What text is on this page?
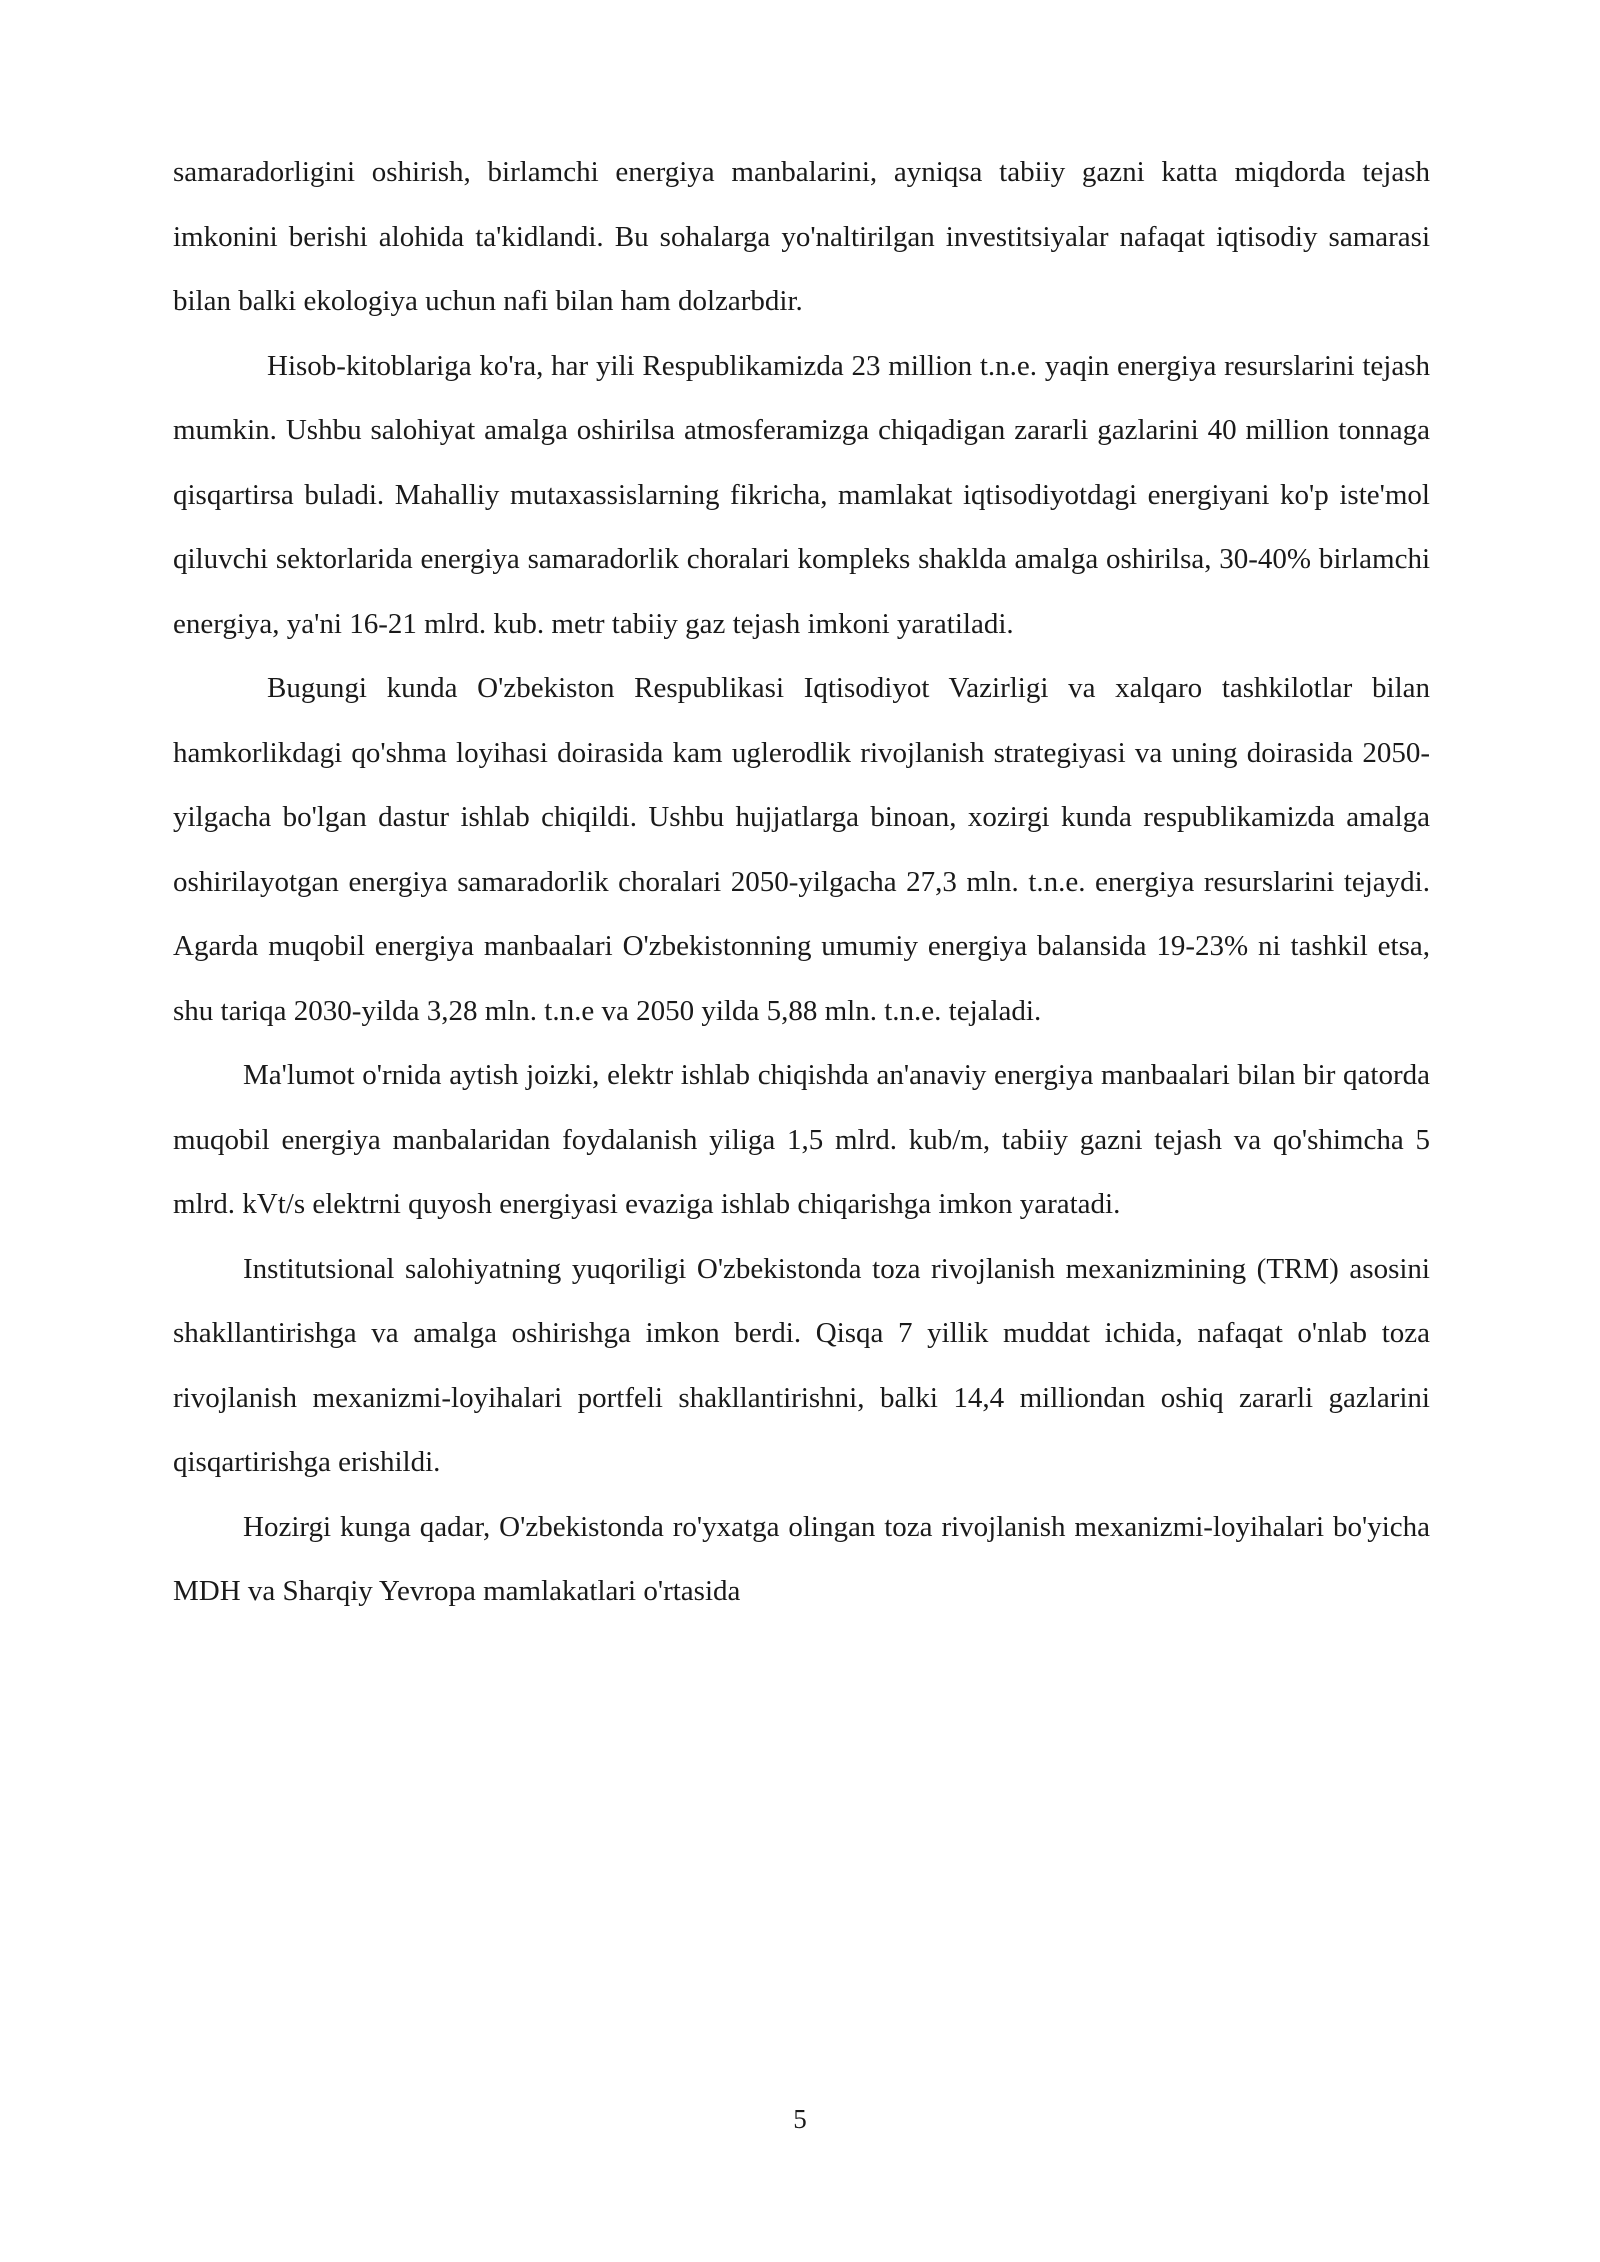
samaradorligini oshirish, birlamchi energiya manbalarini, ayniqsa tabiiy gazni katta miqdorda tejash imkonini berishi alohida ta'kidlandi. Bu sohalarga yo'naltirilgan investitsiyalar nafaqat iqtisodiy samarasi bilan balki ekologiya uchun nafi bilan ham dolzarbdir.

Hisob-kitoblariga ko'ra, har yili Respublikamizda 23 million t.n.e. yaqin energiya resurslarini tejash mumkin. Ushbu salohiyat amalga oshirilsa atmosferamizga chiqadigan zararli gazlarini 40 million tonnaga qisqartirsa buladi. Mahalliy mutaxassislarning fikricha, mamlakat iqtisodiyotdagi energiyani ko'p iste'mol qiluvchi sektorlarida energiya samaradorlik choralari kompleks shaklda amalga oshirilsa, 30-40% birlamchi energiya, ya'ni 16-21 mlrd. kub. metr tabiiy gaz tejash imkoni yaratiladi.

Bugungi kunda O'zbekiston Respublikasi Iqtisodiyot Vazirligi va xalqaro tashkilotlar bilan hamkorlikdagi qo'shma loyihasi doirasida kam uglerodlik rivojlanish strategiyasi va uning doirasida 2050-yilgacha bo'lgan dastur ishlab chiqildi. Ushbu hujjatlarga binoan, xozirgi kunda respublikamizda amalga oshirilayotgan energiya samaradorlik choralari 2050-yilgacha 27,3 mln. t.n.e. energiya resurslarini tejaydi. Agarda muqobil energiya manbaalari O'zbekistonning umumiy energiya balansida 19-23% ni tashkil etsa, shu tariqa 2030-yilda 3,28 mln. t.n.e va 2050 yilda 5,88 mln. t.n.e. tejaladi.

Ma'lumot o'rnida aytish joizki, elektr ishlab chiqishda an'anaviy energiya manbaalari bilan bir qatorda muqobil energiya manbalaridan foydalanish yiliga 1,5 mlrd. kub/m, tabiiy gazni tejash va qo'shimcha 5 mlrd. kVt/s elektrni quyosh energiyasi evaziga ishlab chiqarishga imkon yaratadi.

Institutsional salohiyatning yuqoriligi O'zbekistonda toza rivojlanish mexanizmining (TRM) asosini shakllantirishga va amalga oshirishga imkon berdi. Qisqa 7 yillik muddat ichida, nafaqat o'nlab toza rivojlanish mexanizmi-loyihalari portfeli shakllantirishni, balki 14,4 milliondan oshiq zararli gazlarini qisqartirishga erishildi.

Hozirgi kunga qadar, O'zbekistonda ro'yxatga olingan toza rivojlanish mexanizmi-loyihalari bo'yicha MDH va Sharqiy Yevropa mamlakatlari o'rtasida

5
